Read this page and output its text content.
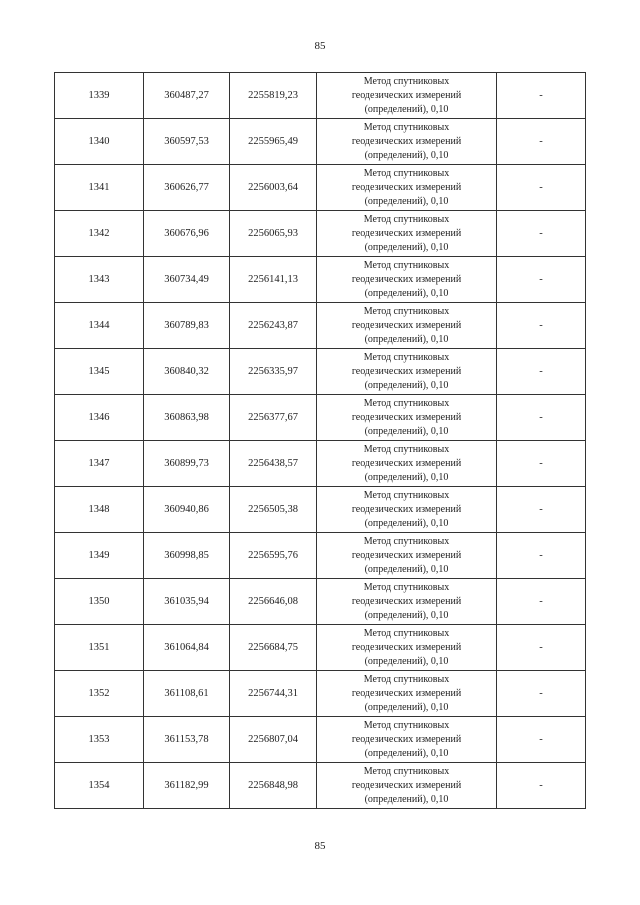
85
1339	360487,27	2255819,23	Метод спутниковых
геодезических измерений
(определений), 0,10	-
1340	360597,53	2255965,49	Метод спутниковых
геодезических измерений
(определений), 0,10	-
1341	360626,77	2256003,64	Метод спутниковых
геодезических измерений
(определений), 0,10	-
1342	360676,96	2256065,93	Метод спутниковых
геодезических измерений
(определений), 0,10	-
1343	360734,49	2256141,13	Метод спутниковых
геодезических измерений
(определений), 0,10	-
1344	360789,83	2256243,87	Метод спутниковых
геодезических измерений
(определений), 0,10	-
1345	360840,32	2256335,97	Метод спутниковых
геодезических измерений
(определений), 0,10	-
1346	360863,98	2256377,67	Метод спутниковых
геодезических измерений
(определений), 0,10	-
1347	360899,73	2256438,57	Метод спутниковых
геодезических измерений
(определений), 0,10	-
1348	360940,86	2256505,38	Метод спутниковых
геодезических измерений
(определений), 0,10	-
1349	360998,85	2256595,76	Метод спутниковых
геодезических измерений
(определений), 0,10	-
1350	361035,94	2256646,08	Метод спутниковых
геодезических измерений
(определений), 0,10	-
1351	361064,84	2256684,75	Метод спутниковых
геодезических измерений
(определений), 0,10	-
1352	361108,61	2256744,31	Метод спутниковых
геодезических измерений
(определений), 0,10	-
1353	361153,78	2256807,04	Метод спутниковых
геодезических измерений
(определений), 0,10	-
1354	361182,99	2256848,98	Метод спутниковых
геодезических измерений
(определений), 0,10	-
85
